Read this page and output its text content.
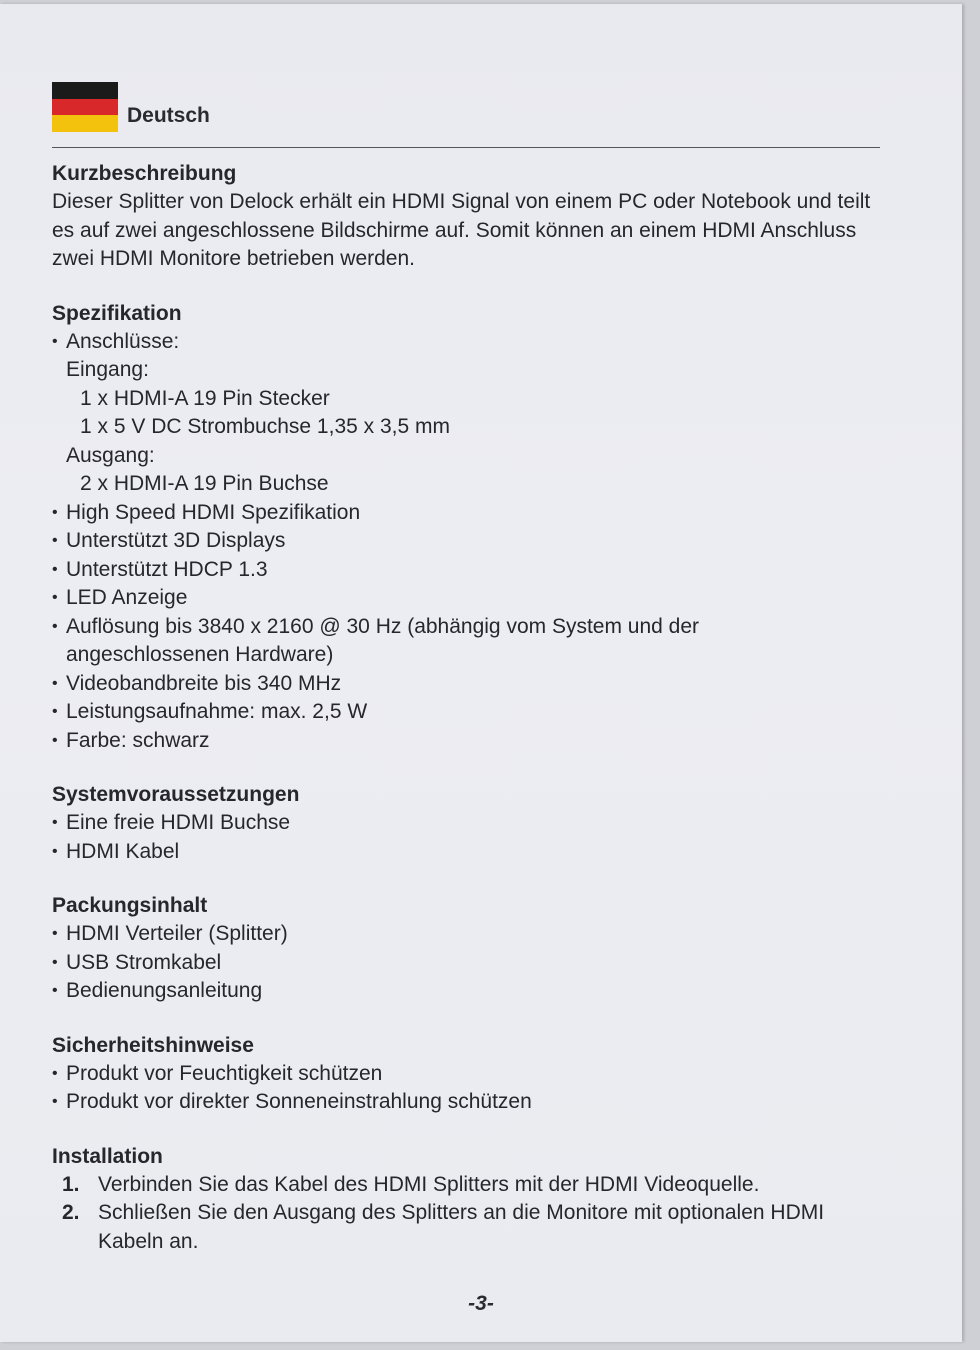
Deutsch
Kurzbeschreibung

Dieser Splitter von Delock erhält ein HDMI Signal von einem PC oder Notebook und teilt es auf zwei angeschlossene Bildschirme auf. Somit können an einem HDMI Anschluss zwei HDMI Monitore betrieben werden.

Spezifikation
• Anschlüsse:
Eingang:
1 x HDMI-A 19 Pin Stecker
1 x 5 V DC Strombuchse 1,35 x 3,5 mm
Ausgang:
2 x HDMI-A 19 Pin Buchse
• High Speed HDMI Spezifikation
• Unterstützt 3D Displays
• Unterstützt HDCP 1.3
• LED Anzeige
• Auflösung bis 3840 x 2160 @ 30 Hz (abhängig vom System und der angeschlossenen Hardware)
• Videobandbreite bis 340 MHz
• Leistungsaufnahme: max. 2,5 W
• Farbe: schwarz
Systemvoraussetzungen
• Eine freie HDMI Buchse
• HDMI Kabel
Packungsinhalt
• HDMI Verteiler (Splitter)
• USB Stromkabel
• Bedienungsanleitung
Sicherheitshinweise
• Produkt vor Feuchtigkeit schützen
• Produkt vor direkter Sonneneinstrahlung schützen
Installation
1. Verbinden Sie das Kabel des HDMI Splitters mit der HDMI Videoquelle.
2. Schließen Sie den Ausgang des Splitters an die Monitore mit optionalen HDMI Kabeln an.
-3-
